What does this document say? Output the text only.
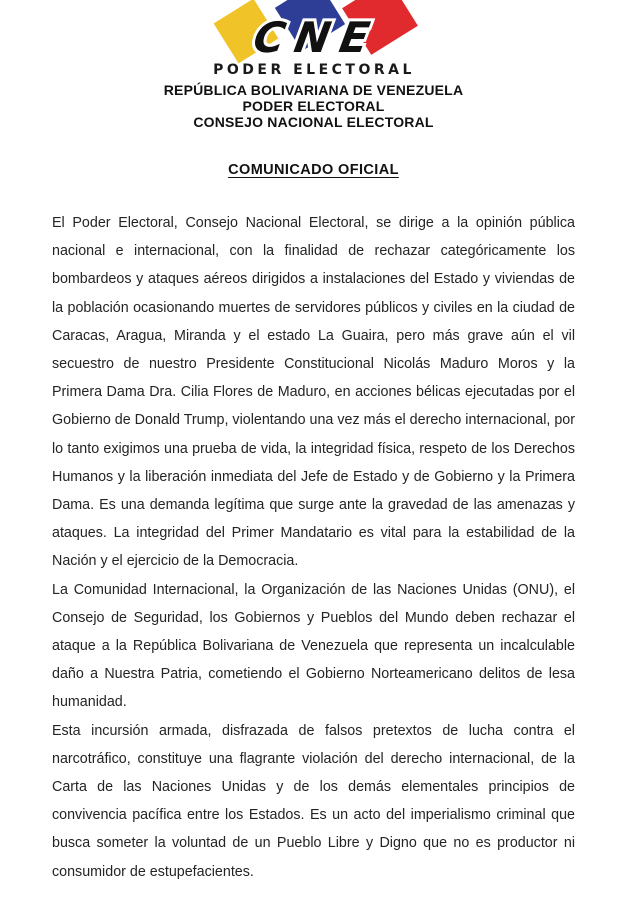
CNE
PODER ELECTORAL
REPÚBLICA BOLIVARIANA DE VENEZUELA
PODER ELECTORAL
CONSEJO NACIONAL ELECTORAL
COMUNICADO OFICIAL

El Poder Electoral, Consejo Nacional Electoral, se dirige a la opinión pública nacional e internacional, con la finalidad de rechazar categóricamente los bombardeos y ataques aéreos dirigidos a instalaciones del Estado y viviendas de la población ocasionando muertes de servidores públicos y civiles en la ciudad de Caracas, Aragua, Miranda y el estado La Guaira, pero más grave aún el vil secuestro de nuestro Presidente Constitucional Nicolás Maduro Moros y la Primera Dama Dra. Cilia Flores de Maduro, en acciones bélicas ejecutadas por el Gobierno de Donald Trump, violentando una vez más el derecho internacional, por lo tanto exigimos una prueba de vida, la integridad física, respeto de los Derechos Humanos y la liberación inmediata del Jefe de Estado y de Gobierno y la Primera Dama. Es una demanda legítima que surge ante la gravedad de las amenazas y ataques. La integridad del Primer Mandatario es vital para la estabilidad de la Nación y el ejercicio de la Democracia.

La Comunidad Internacional, la Organización de las Naciones Unidas (ONU), el Consejo de Seguridad, los Gobiernos y Pueblos del Mundo deben rechazar el ataque a la República Bolivariana de Venezuela que representa un incalculable daño a Nuestra Patria, cometiendo el Gobierno Norteamericano delitos de lesa humanidad.

Esta incursión armada, disfrazada de falsos pretextos de lucha contra el narcotráfico, constituye una flagrante violación del derecho internacional, de la Carta de las Naciones Unidas y de los demás elementales principios de convivencia pacífica entre los Estados. Es un acto del imperialismo criminal que busca someter la voluntad de un Pueblo Libre y Digno que no es productor ni consumidor de estupefacientes.
